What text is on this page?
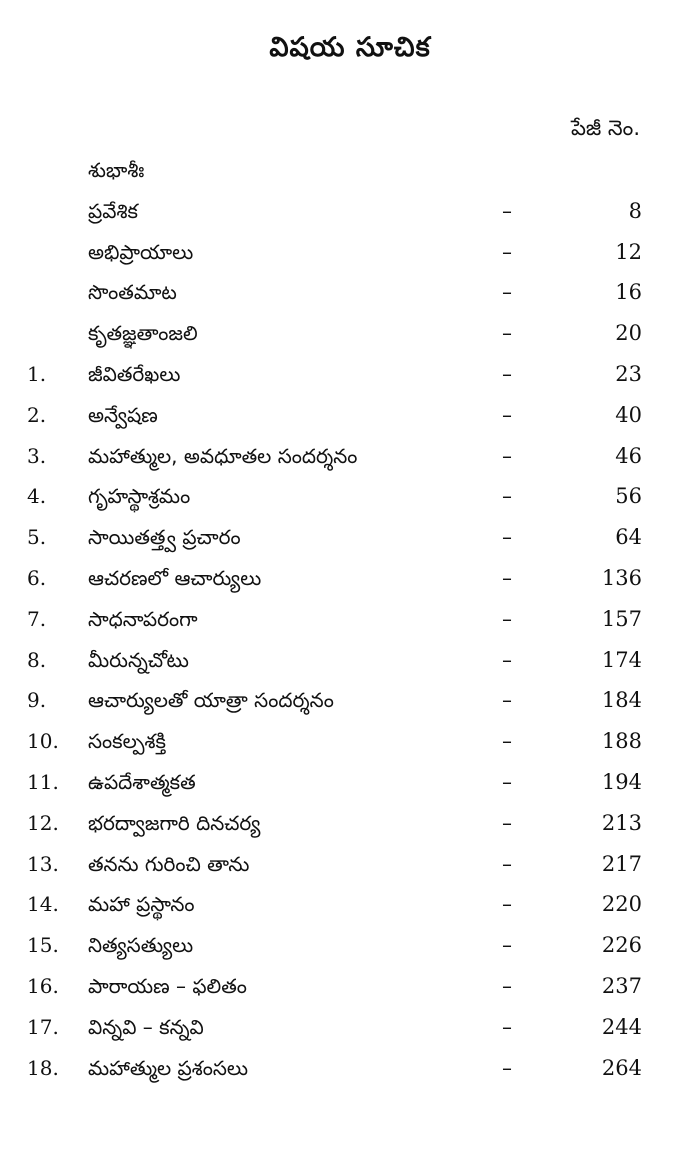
విషయ సూచిక
పేజీ నెం.
శుభాశీః
ప్రవేశిక	–	8
అభిప్రాయాలు	–	12
సొంతమాట	–	16
కృతజ్ఞతాంజలి	–	20
1. జీవితరేఖలు	–	23
2. అన్వేషణ	–	40
3. మహాత్ముల, అవధూతల సందర్శనం	–	46
4. గృహస్థాశ్రమం	–	56
5. సాయితత్త్వ ప్రచారం	–	64
6. ఆచరణలో ఆచార్యులు	–	136
7. సాధనాపరంగా	–	157
8. మీరున్నచోటు	–	174
9. ఆచార్యులతో యాత్రా సందర్శనం	–	184
10. సంకల్పశక్తి	–	188
11. ఉపదేశాత్మకత	–	194
12. భరద్వాజగారి దినచర్య	–	213
13. తనను గురించి తాను	–	217
14. మహా ప్రస్థానం	–	220
15. నిత్యసత్యులు	–	226
16. పారాయణ – ఫలితం	–	237
17. విన్నవి – కన్నవి	–	244
18. మహాత్ముల ప్రశంసలు	–	264
